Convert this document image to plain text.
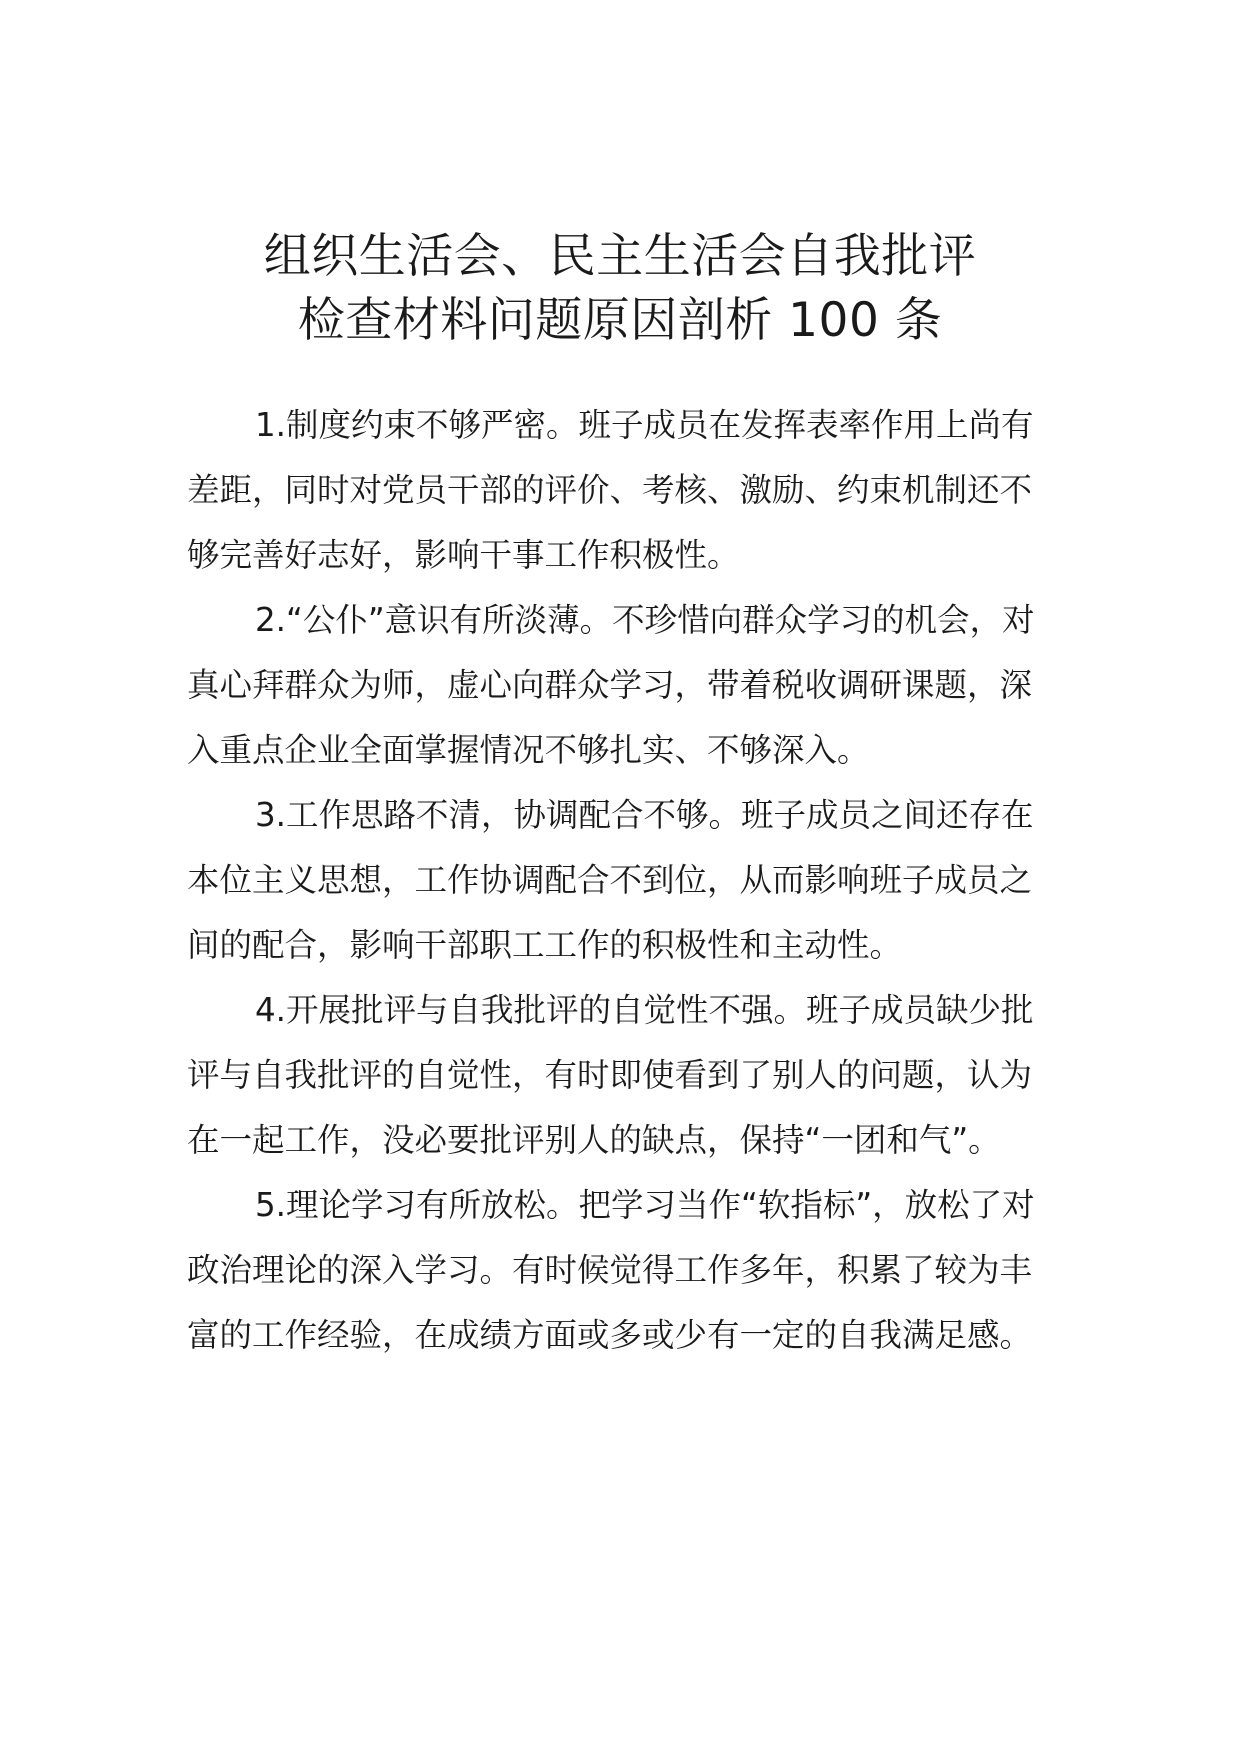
组织生活会、民主生活会自我批评
检查材料问题原因剖析 100 条

1.制度约束不够严密。班子成员在发挥表率作用上尚有差距，同时对党员干部的评价、考核、激励、约束机制还不够完善好志好，影响干事工作积极性。

2.“公仆”意识有所淡薄。不珍惜向群众学习的机会，对真心拜群众为师，虚心向群众学习，带着税收调研课题，深入重点企业全面掌握情况不够扎实、不够深入。

3.工作思路不清，协调配合不够。班子成员之间还存在本位主义思想，工作协调配合不到位，从而影响班子成员之间的配合，影响干部职工工作的积极性和主动性。

4.开展批评与自我批评的自觉性不强。班子成员缺少批评与自我批评的自觉性，有时即使看到了别人的问题，认为在一起工作，没必要批评别人的缺点，保持“一团和气”。

5.理论学习有所放松。把学习当作“软指标”，放松了对政治理论的深入学习。有时候觉得工作多年，积累了较为丰富的工作经验，在成绩方面或多或少有一定的自我满足感。
